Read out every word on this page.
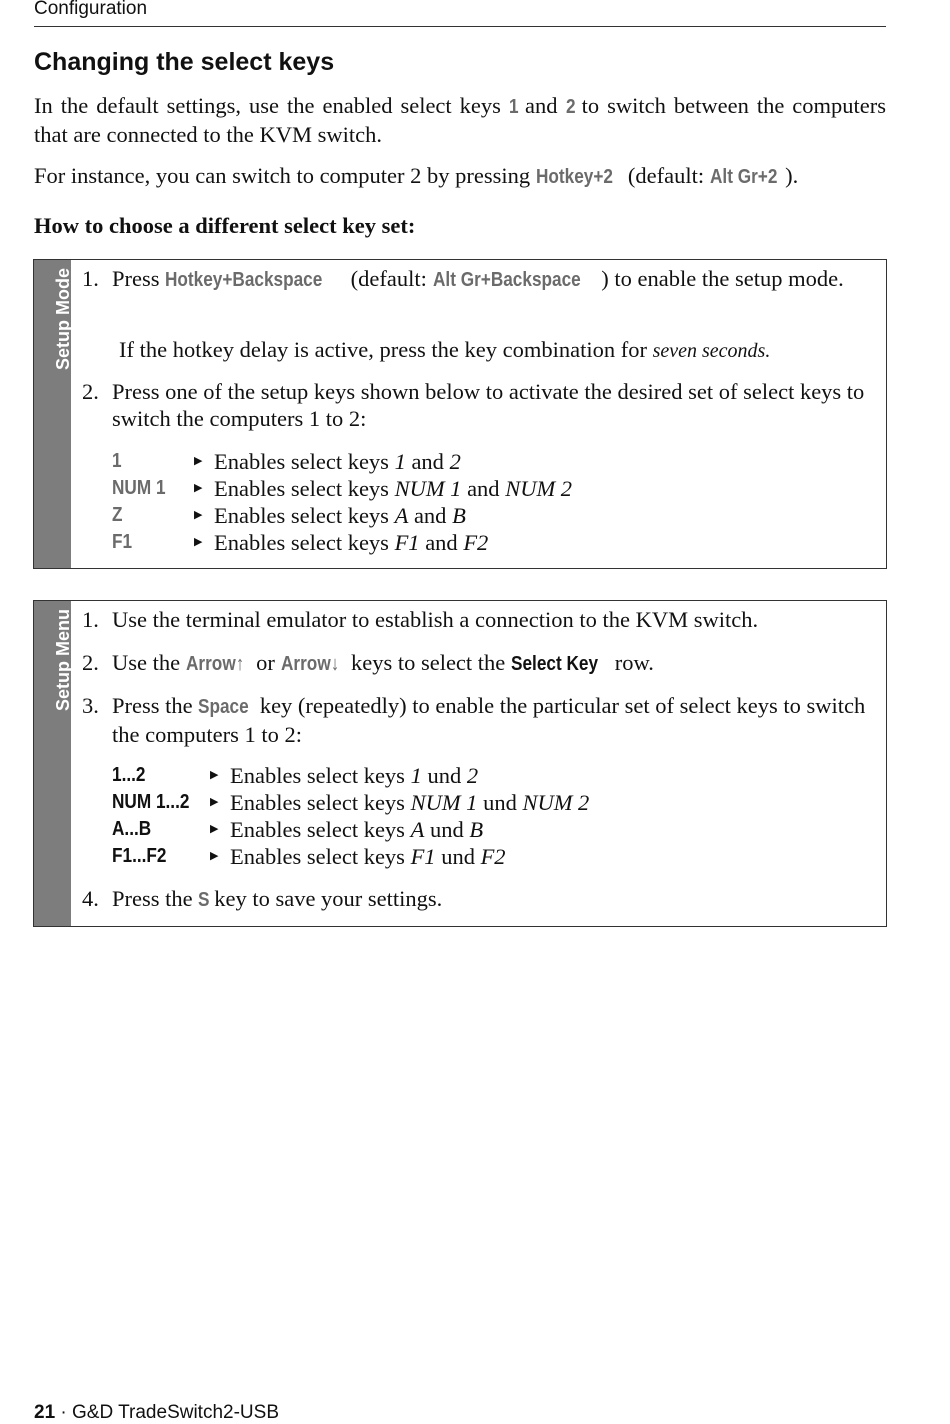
Configuration
Changing the select keys
In the default settings, use the enabled select keys 1 and 2 to switch between the computers that are connected to the KVM switch.
For instance, you can switch to computer 2 by pressing Hotkey+2 (default: Alt Gr+2 ).
How to choose a different select key set:
Setup Mode 1. Press Hotkey+Backspace (default: Alt Gr+Backspace ) to enable the setup mode.
If the hotkey delay is active, press the key combination for seven seconds.
2. Press one of the setup keys shown below to activate the desired set of select keys to switch the computers 1 to 2:
1	▶ Enables select keys 1 and 2
NUM 1	▶ Enables select keys NUM 1 and NUM 2
Z	▶ Enables select keys A and B
F1	▶ Enables select keys F1 and F2
Setup Menu 1. Use the terminal emulator to establish a connection to the KVM switch.
2. Use the Arrow↑ or Arrow↓ keys to select the Select Key row.
3. Press the Space key (repeatedly) to enable the particular set of select keys to switch the computers 1 to 2:
1...2	▶ Enables select keys 1 und 2
NUM 1...2 ▶ Enables select keys NUM 1 und NUM 2
A...B	▶ Enables select keys A und B
F1...F2	▶ Enables select keys F1 und F2
4. Press the S key to save your settings.
21 · G&D TradeSwitch2-USB
